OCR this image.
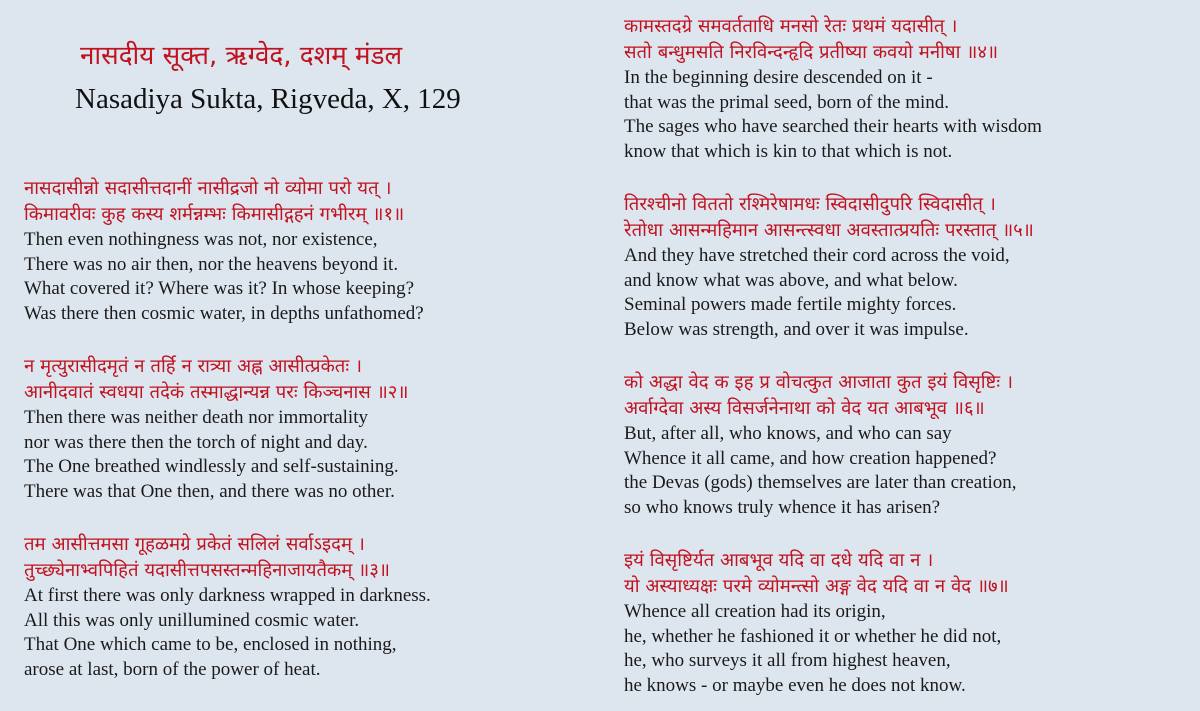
नासदीय सूक्त, ऋग्वेद, दशम् मंडल
Nasadiya Sukta, Rigveda, X, 129
नासदासीन्नो सदासीत्तदानीं नासीद्रजो नो व्योमा परो यत् ।
किमावरीवः कुह कस्य शर्मन्नम्भः किमासीद्गहनं गभीरम् ॥१॥
Then even nothingness was not, nor existence,
There was no air then, nor the heavens beyond it.
What covered it? Where was it? In whose keeping?
Was there then cosmic water, in depths unfathomed?
न मृत्युरासीदमृतं न तर्हि न रात्र्या अह्न आसीत्प्रकेतः ।
आनीदवातं स्वधया तदेकं तस्माद्धान्यन्न परः किञ्चनास ॥२॥
Then there was neither death nor immortality
nor was there then the torch of night and day.
The One breathed windlessly and self-sustaining.
There was that One then, and there was no other.
तम आसीत्तमसा गूहळमग्रे प्रकेतं सलिलं सर्वाऽइदम् ।
तुच्छ्येनाभ्वपिहितं यदासीत्तपसस्तन्महिनाजायतैकम् ॥३॥
At first there was only darkness wrapped in darkness.
All this was only unillumined cosmic water.
That One which came to be, enclosed in nothing,
arose at last, born of the power of heat.
कामस्तदग्रे समवर्तताधि मनसो रेतः प्रथमं यदासीत् ।
सतो बन्धुमसति निरविन्दन्हृदि प्रतीष्या कवयो मनीषा ॥४॥
In the beginning desire descended on it -
that was the primal seed, born of the mind.
The sages who have searched their hearts with wisdom
know that which is kin to that which is not.
तिरश्चीनो विततो रश्मिरेषामधः स्विदासीदुपरि स्विदासीत् ।
रेतोधा आसन्महिमान आसन्त्स्वधा अवस्तात्प्रयतिः परस्तात् ॥५॥
And they have stretched their cord across the void,
and know what was above, and what below.
Seminal powers made fertile mighty forces.
Below was strength, and over it was impulse.
को अद्धा वेद क इह प्र वोचत्कुत आजाता कुत इयं विसृष्टिः ।
अर्वाग्देवा अस्य विसर्जनेनाथा को वेद यत आबभूव ॥६॥
But, after all, who knows, and who can say
Whence it all came, and how creation happened?
the Devas (gods) themselves are later than creation,
so who knows truly whence it has arisen?
इयं विसृष्टिर्यत आबभूव यदि वा दधे यदि वा न ।
यो अस्याध्यक्षः परमे व्योमन्त्सो अङ्ग वेद यदि वा न वेद ॥७॥
Whence all creation had its origin,
he, whether he fashioned it or whether he did not,
he, who surveys it all from highest heaven,
he knows - or maybe even he does not know.
